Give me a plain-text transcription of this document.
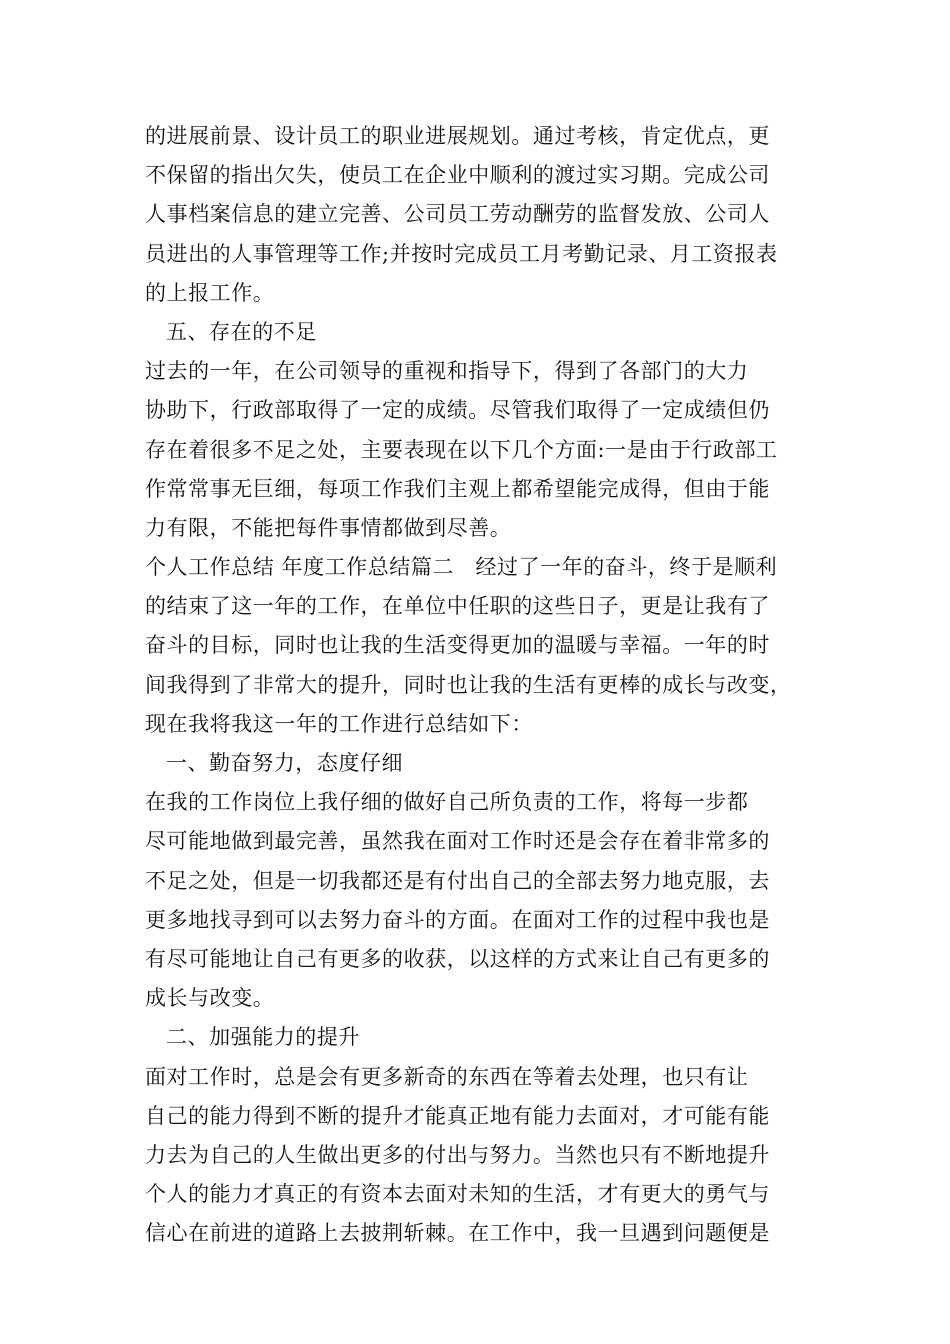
的进展前景、设计员工的职业进展规划。通过考核，肯定优点，更
不保留的指出欠失，使员工在企业中顺利的渡过实习期。完成公司
人事档案信息的建立完善、公司员工劳动酬劳的监督发放、公司人
员进出的人事管理等工作;并按时完成员工月考勤记录、月工资报表
的上报工作。
五、存在的不足
过去的一年，在公司领导的重视和指导下，得到了各部门的大力
协助下，行政部取得了一定的成绩。尽管我们取得了一定成绩但仍
存在着很多不足之处，主要表现在以下几个方面:一是由于行政部工
作常常事无巨细，每项工作我们主观上都希望能完成得，但由于能
力有限，不能把每件事情都做到尽善。
个人工作总结 年度工作总结篇二　经过了一年的奋斗，终于是顺利
的结束了这一年的工作，在单位中任职的这些日子，更是让我有了
奋斗的目标，同时也让我的生活变得更加的温暖与幸福。一年的时
间我得到了非常大的提升，同时也让我的生活有更棒的成长与改变，
现在我将我这一年的工作进行总结如下：
一、勤奋努力，态度仔细
在我的工作岗位上我仔细的做好自己所负责的工作，将每一步都
尽可能地做到最完善，虽然我在面对工作时还是会存在着非常多的
不足之处，但是一切我都还是有付出自己的全部去努力地克服，去
更多地找寻到可以去努力奋斗的方面。在面对工作的过程中我也是
有尽可能地让自己有更多的收获，以这样的方式来让自己有更多的
成长与改变。
二、加强能力的提升
面对工作时，总是会有更多新奇的东西在等着去处理，也只有让
自己的能力得到不断的提升才能真正地有能力去面对，才可能有能
力去为自己的人生做出更多的付出与努力。当然也只有不断地提升
个人的能力才真正的有资本去面对未知的生活，才有更大的勇气与
信心在前进的道路上去披荆斩棘。在工作中，我一旦遇到问题便是
